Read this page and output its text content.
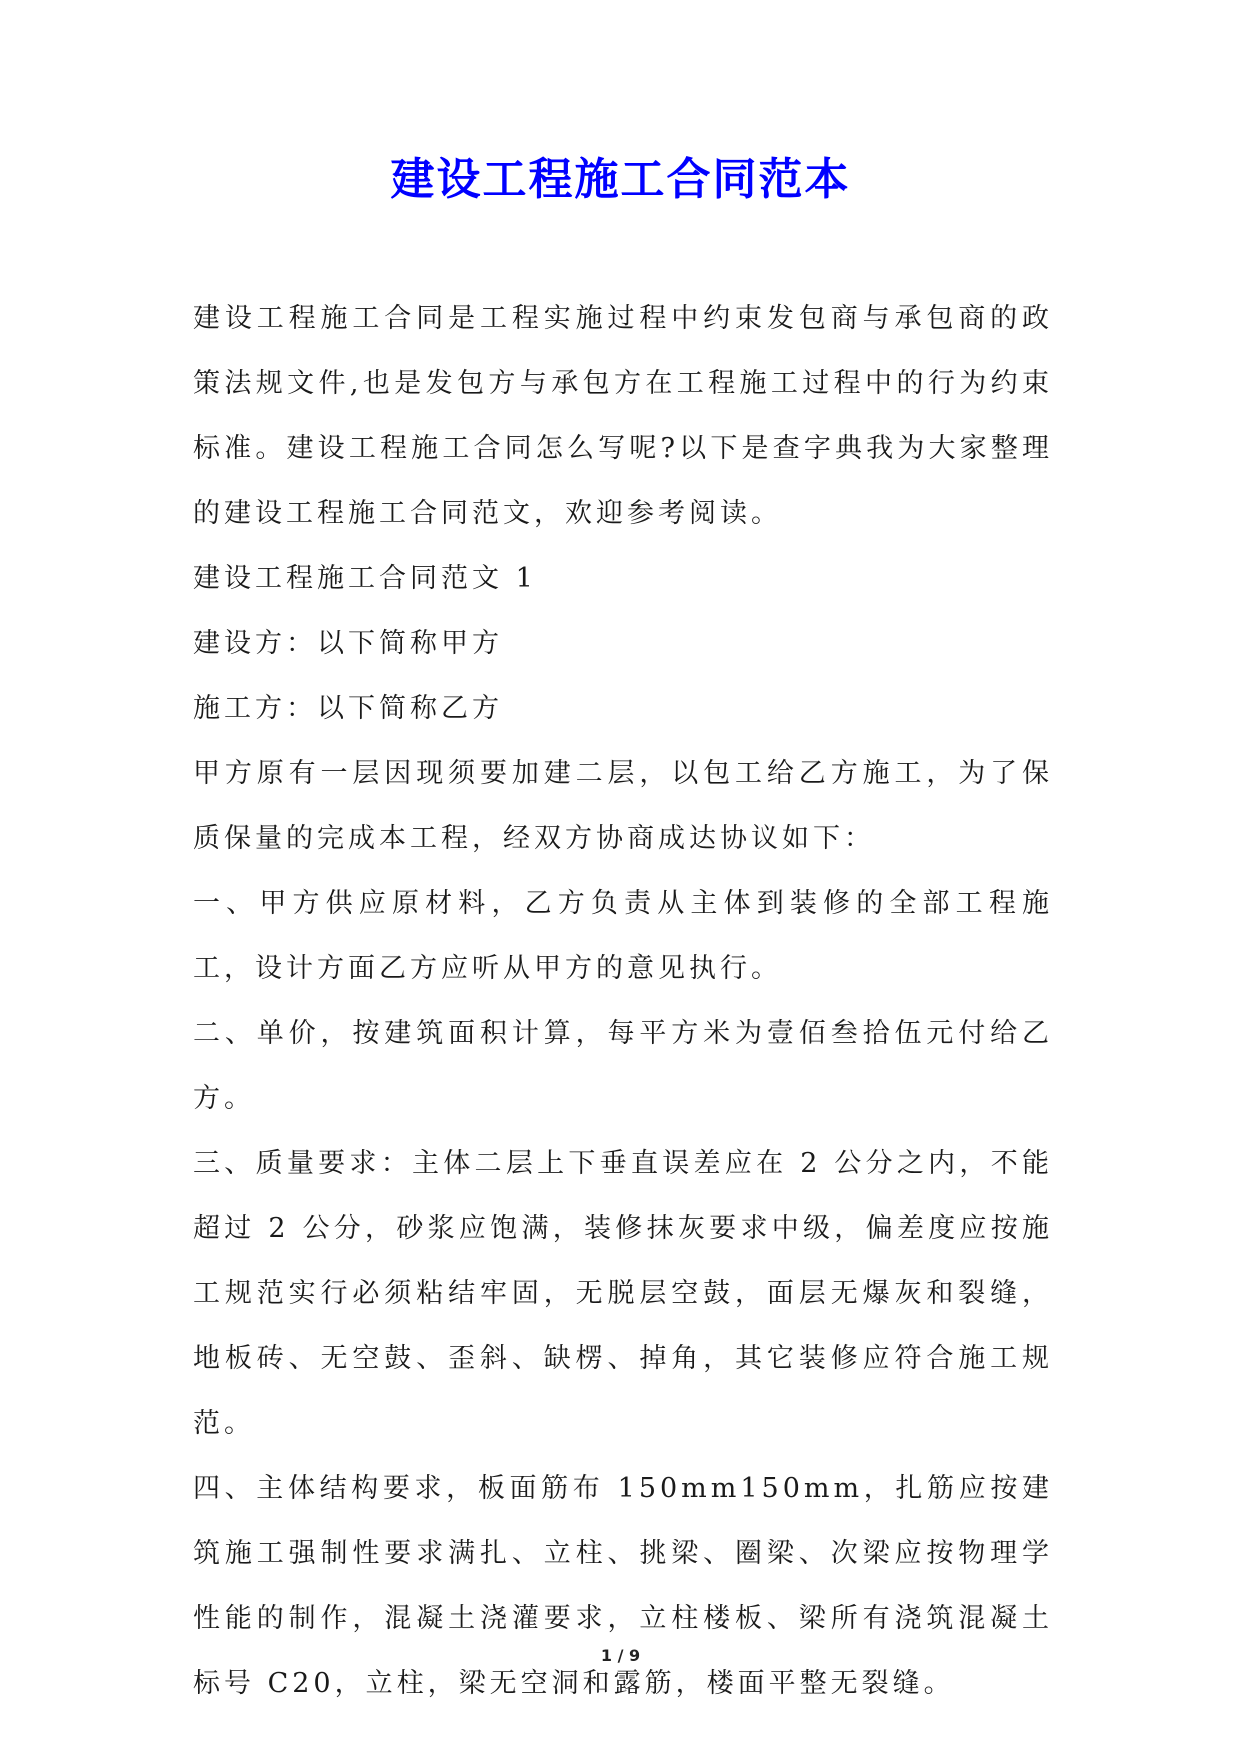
建设工程施工合同范本

建设工程施工合同是工程实施过程中约束发包商与承包商的政策法规文件,也是发包方与承包方在工程施工过程中的行为约束标准。建设工程施工合同怎么写呢?以下是查字典我为大家整理的建设工程施工合同范文，欢迎参考阅读。

建设工程施工合同范文 1

建设方：以下简称甲方

施工方：以下简称乙方

甲方原有一层因现须要加建二层，以包工给乙方施工，为了保质保量的完成本工程，经双方协商成达协议如下：

一、甲方供应原材料，乙方负责从主体到装修的全部工程施工，设计方面乙方应听从甲方的意见执行。

二、单价，按建筑面积计算，每平方米为壹佰叁拾伍元付给乙方。

三、质量要求：主体二层上下垂直误差应在 2 公分之内，不能超过 2 公分，砂浆应饱满，装修抹灰要求中级，偏差度应按施工规范实行必须粘结牢固，无脱层空鼓，面层无爆灰和裂缝，地板砖、无空鼓、歪斜、缺楞、掉角，其它装修应符合施工规范。

四、主体结构要求，板面筋布 150mm150mm，扎筋应按建筑施工强制性要求满扎、立柱、挑梁、圈梁、次梁应按物理学性能的制作，混凝土浇灌要求，立柱楼板、梁所有浇筑混凝土标号 C20，立柱，梁无空洞和露筋，楼面平整无裂缝。

1 / 9
